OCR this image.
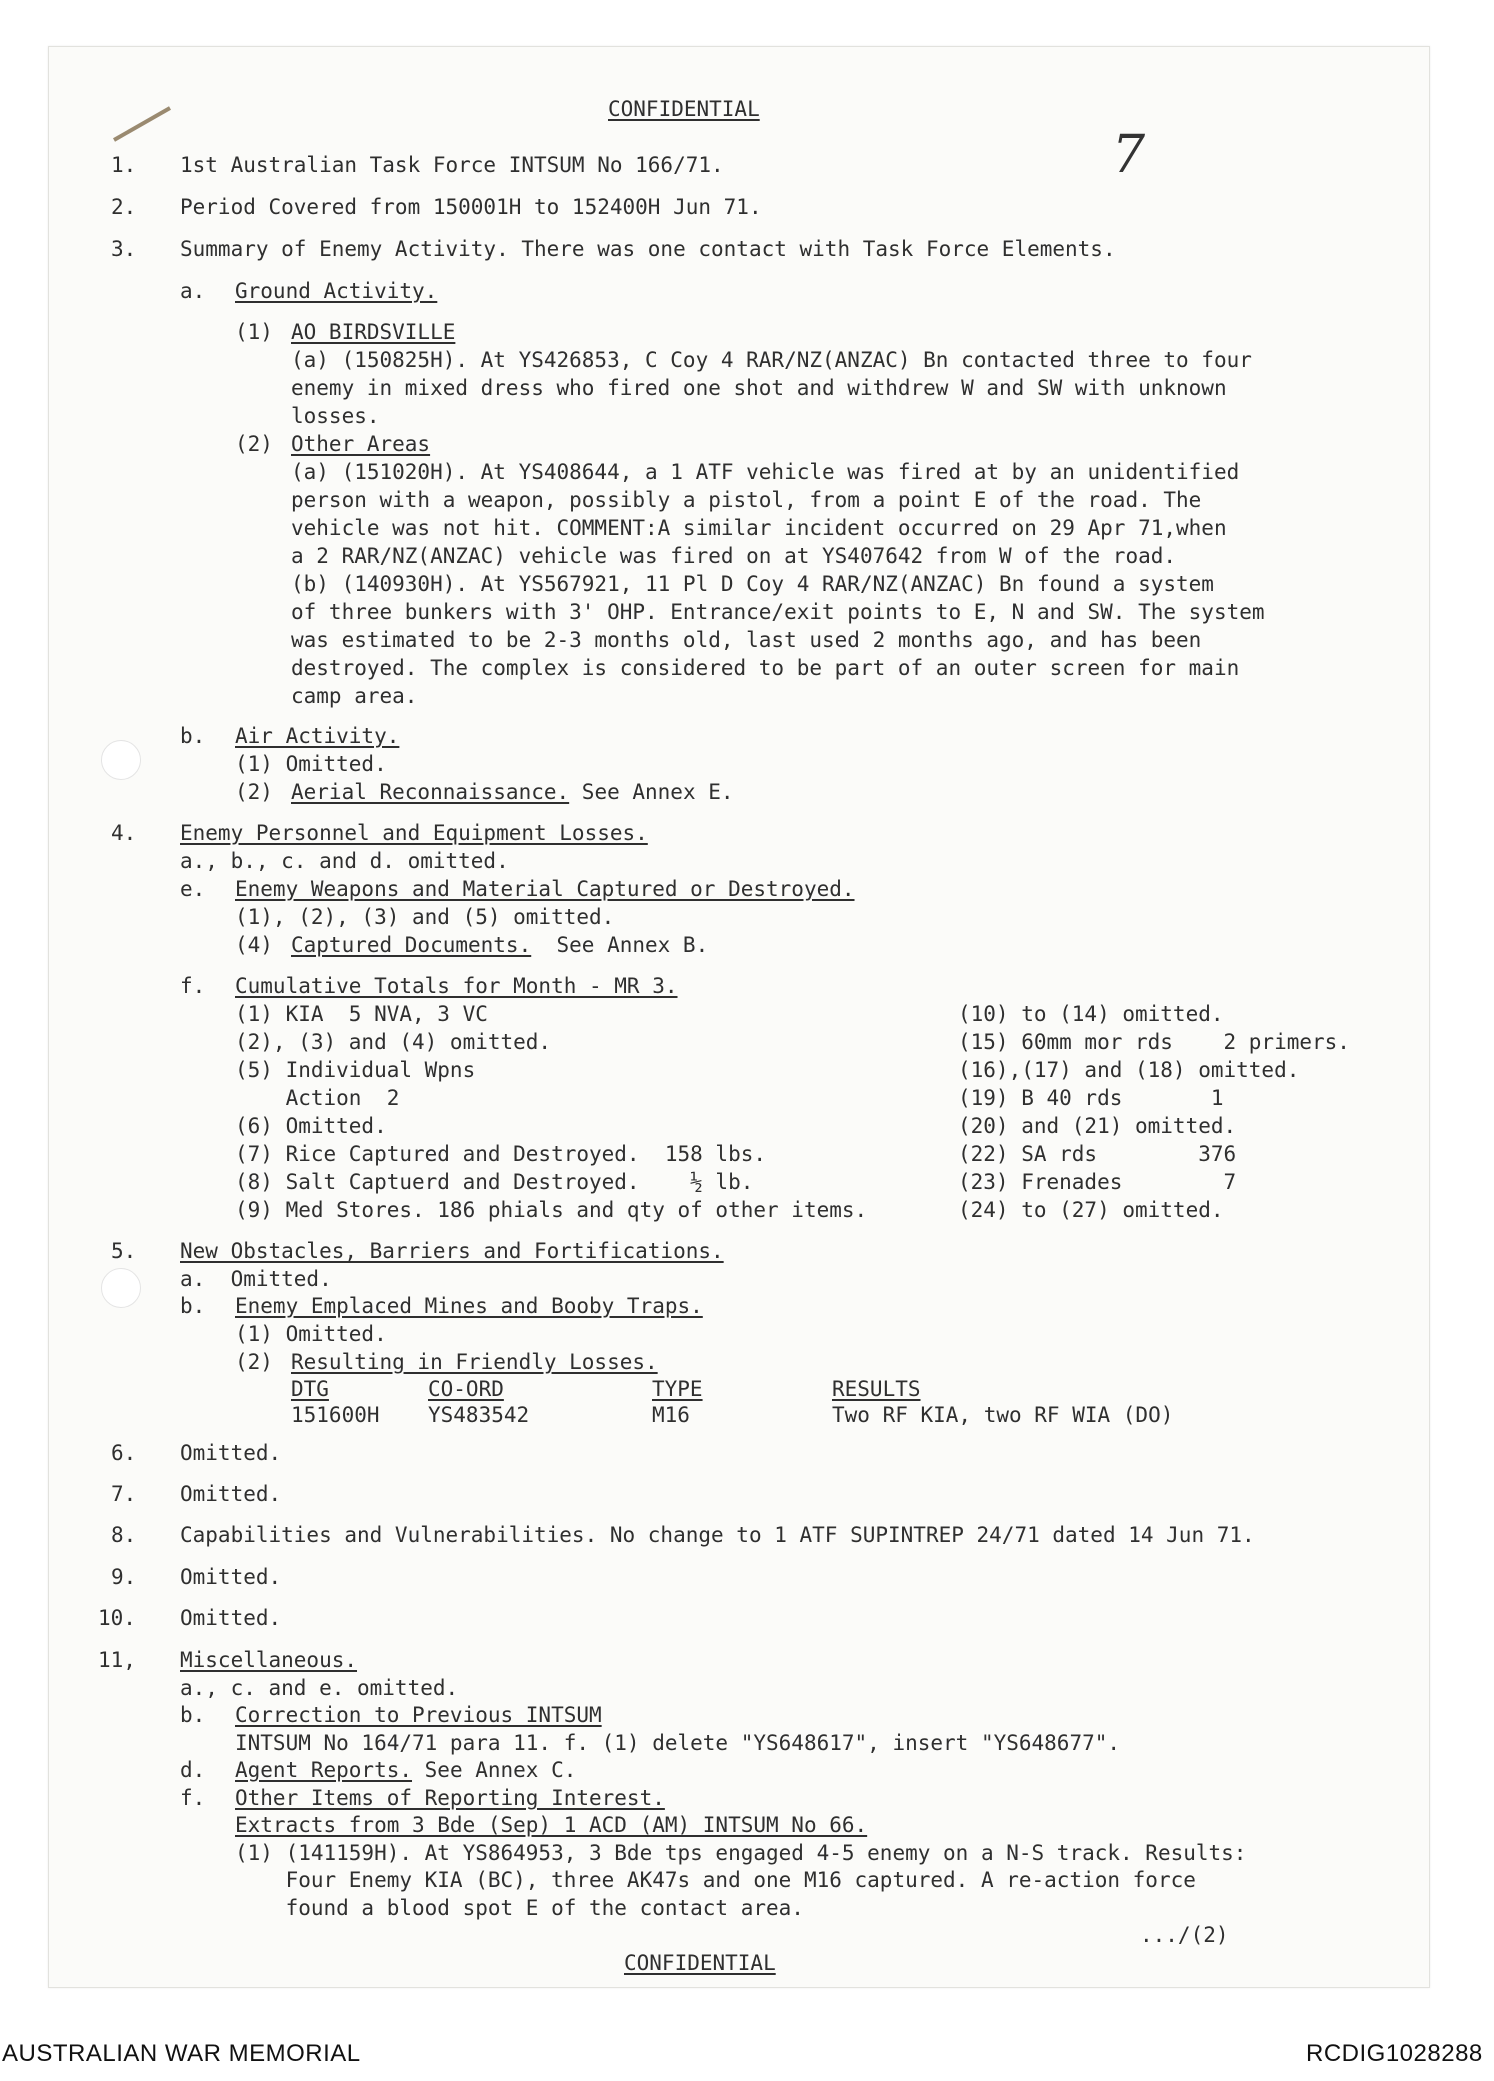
7
CONFIDENTIAL
1. 1st Australian Task Force INTSUM No 166/71.
2. Period Covered from 150001H to 152400H Jun 71.
3. Summary of Enemy Activity. There was one contact with Task Force Elements.
a. Ground Activity.
(1) AO BIRDSVILLE
(a) (150825H). At YS426853, C Coy 4 RAR/NZ(ANZAC) Bn contacted three to four
enemy in mixed dress who fired one shot and withdrew W and SW with unknown
losses.
(2) Other Areas
(a) (151020H). At YS408644, a 1 ATF vehicle was fired at by an unidentified
person with a weapon, possibly a pistol, from a point E of the road. The
vehicle was not hit. COMMENT:A similar incident occurred on 29 Apr 71,when
a 2 RAR/NZ(ANZAC) vehicle was fired on at YS407642 from W of the road.
(b) (140930H). At YS567921, 11 Pl D Coy 4 RAR/NZ(ANZAC) Bn found a system
of three bunkers with 3' OHP. Entrance/exit points to E, N and SW. The system
was estimated to be 2-3 months old, last used 2 months ago, and has been
destroyed. The complex is considered to be part of an outer screen for main
camp area.
b. Air Activity.
(1) Omitted.
(2) Aerial Reconnaissance. See Annex E.
4. Enemy Personnel and Equipment Losses.
a., b., c. and d. omitted.
e. Enemy Weapons and Material Captured or Destroyed.
(1), (2), (3) and (5) omitted.
(4) Captured Documents.  See Annex B.
f. Cumulative Totals for Month - MR 3.
(1) KIA  5 NVA, 3 VC
(2), (3) and (4) omitted.
(5) Individual Wpns
Action  2
(6) Omitted.
(7) Rice Captured and Destroyed.  158 lbs.
(8) Salt Captuerd and Destroyed.    ½ lb.
(9) Med Stores. 186 phials and qty of other items.
(10) to (14) omitted.
(15) 60mm mor rds    2 primers.
(16),(17) and (18) omitted.
(19) B 40 rds       1
(20) and (21) omitted.
(22) SA rds        376
(23) Frenades        7
(24) to (27) omitted.
5. New Obstacles, Barriers and Fortifications.
a.  Omitted.
b. Enemy Emplaced Mines and Booby Traps.
(1) Omitted.
(2) Resulting in Friendly Losses.
DTG	CO-ORD	TYPE	RESULTS
151600H YS483542	M16	Two RF KIA, two RF WIA (DO)
6. Omitted.
7. Omitted.
8. Capabilities and Vulnerabilities. No change to 1 ATF SUPINTREP 24/71 dated 14 Jun 71.
9. Omitted.
10. Omitted.
11, Miscellaneous.
a., c. and e. omitted.
b. Correction to Previous INTSUM
INTSUM No 164/71 para 11. f. (1) delete "YS648617", insert "YS648677".
d. Agent Reports. See Annex C.
f. Other Items of Reporting Interest.
Extracts from 3 Bde (Sep) 1 ACD (AM) INTSUM No 66.
(1) (141159H). At YS864953, 3 Bde tps engaged 4-5 enemy on a N-S track. Results:
Four Enemy KIA (BC), three AK47s and one M16 captured. A re-action force
found a blood spot E of the contact area.
.../(2)
CONFIDENTIAL
AUSTRALIAN WAR MEMORIAL	RCDIG1028288
